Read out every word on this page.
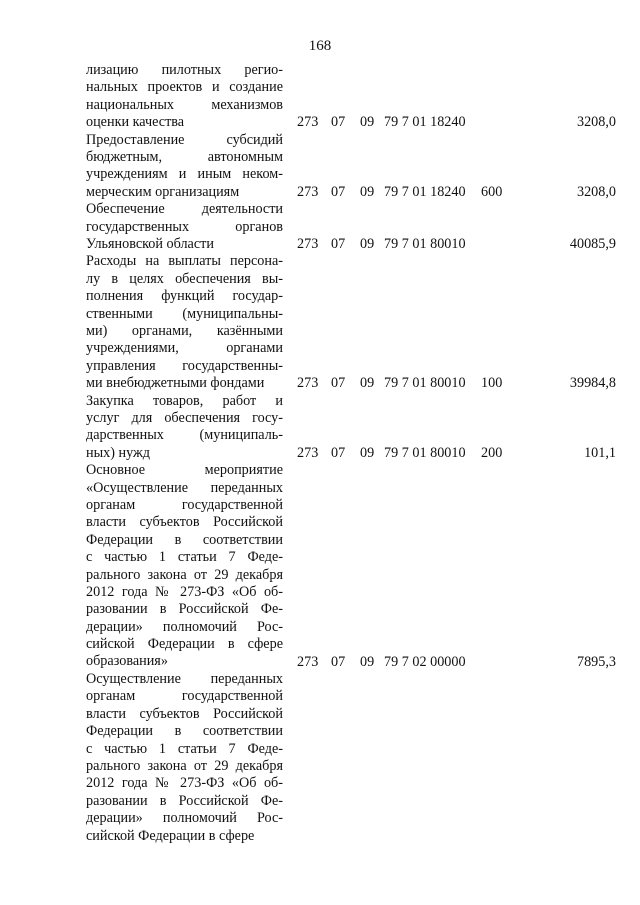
168
лизацию пилотных регио-
нальных проектов и создание
национальных механизмов
оценки качества	273 07 09 79 7 01 18240	3208,0
Предоставление субсидий
бюджетным, автономным
учреждениям и иным неком-
мерческим организациям	273 07 09 79 7 01 18240 600	3208,0
Обеспечение деятельности
государственных органов
Ульяновской области	273 07 09 79 7 01 80010	40085,9
Расходы на выплаты персона-
лу в целях обеспечения вы-
полнения функций государ-
ственными (муниципальны-
ми) органами, казёнными
учреждениями, органами
управления государственны-
ми внебюджетными фондами	273 07 09 79 7 01 80010 100	39984,8
Закупка товаров, работ и
услуг для обеспечения госу-
дарственных (муниципаль-
ных) нужд	273 07 09 79 7 01 80010 200	101,1
Основное мероприятие
«Осуществление переданных
органам государственной
власти субъектов Российской
Федерации в соответствии
с частью 1 статьи 7 Феде-
рального закона от 29 декабря
2012 года № 273-ФЗ «Об об-
разовании в Российской Фе-
дерации» полномочий Рос-
сийской Федерации в сфере
образования»	273 07 09 79 7 02 00000	7895,3
Осуществление переданных
органам государственной
власти субъектов Российской
Федерации в соответствии
с частью 1 статьи 7 Феде-
рального закона от 29 декабря
2012 года № 273-ФЗ «Об об-
разовании в Российской Фе-
дерации» полномочий Рос-
сийской Федерации в сфере
